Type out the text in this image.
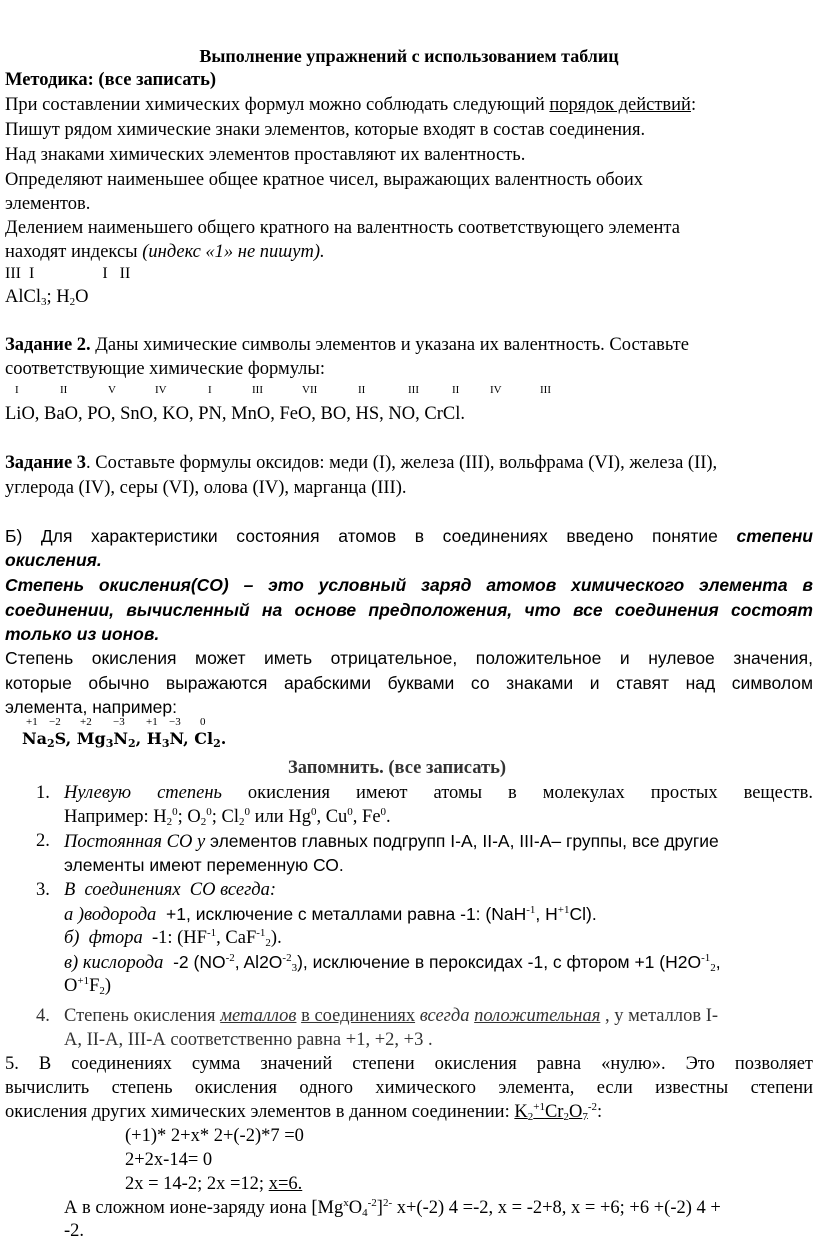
Выполнение упражнений с использованием таблиц
Методика: (все записать)
При составлении химических формул можно соблюдать следующий порядок действий:
Пишут рядом химические знаки элементов, которые входят в состав соединения.
Над знаками химических элементов проставляют их валентность.
Определяют наименьшее общее кратное чисел, выражающих валентность обоих
элементов.
Делением наименьшего общего кратного на валентность соответствующего элемента
находят индексы (индекс «1» не пишут).
III  I                 I   II
AlCl$_3$; $H_2O$
Задание 2. Даны химические символы элементов и указана их валентность. Составьте
соответствующие химические формулы:
I	II	V	IV	I	III	VII	II	III	II	IV	III
LiO, BaO, PO, SnO, KO, PN, MnO, FeO, BO, HS, NO, CrCl.
Задание 3. Составьте формулы оксидов: меди (I), железа (III), вольфрама (VI), железа (II),
углерода (IV), серы (VI), олова (IV), марганца (III).
Б) Для характеристики состояния атомов в соединениях введено понятие степени
окисления.
Степень окисления(СО) – это условный заряд атомов химического элемента в
соединении, вычисленный на основе предположения, что все соединения состоят
только из ионов.
Степень окисления может иметь отрицательное, положительное и нулевое значения,
которые обычно выражаются арабскими буквами со знаками и ставят над символом
элемента, например:
+1 −2 +2 −3 +1 −3 0
$Na_2S$, $Mg_3N_2$, $H_3N$, $Cl_2$.
Запомнить. (все записать)
1. Нулевую степень окисления имеют атомы в молекулах простых веществ.
Например: $H_2^0$; $O_2^0$; $Cl_2^0$ или Hg$^0$, Cu$^0$, Fe$^0$.
2. Постоянная СО у элементов главных подгрупп I-А, II-А, III-А– группы, все другие
элементы имеют переменную СО.
3. В  соединениях  СО всегда:
а )водорода  +1, исключение с металлами равна -1: (NaH$^{-1}$, $H^{+1}Cl$).
б)  фтора  -1: ($HF^{-1}$, CaF$^{-1}_2$).
в) кислорода  -2 ($NO^{-2}$, $Al2O^{-2}_3$), исключение в пероксидах -1, с фтором +1 ($H2O^{-1}_2$,
$O^{+1}F_2$)
4. Степень окисления металлов в соединениях всегда положительная , у металлов I-
А, II-А, III-А соответственно равна +1, +2, +3 .
5. В соединениях сумма значений степени окисления равна «нулю». Это позволяет
вычислить степень окисления одного химического элемента, если известны степени
окисления других химических элементов в данном соединении: $K_2^{+1}Cr_2O_7^{-2}$:
(+1)* 2+x* 2+(-2)*7 =0
2+2x-14= 0
2x = 14-2; 2x =12; x=6.
А в сложном ионе-заряду иона $[Mg^xO_4^{-2}]^{2-}$ x+(-2) 4 =-2, x = -2+8, x = +6; +6 +(-2) 4 +
-2.
